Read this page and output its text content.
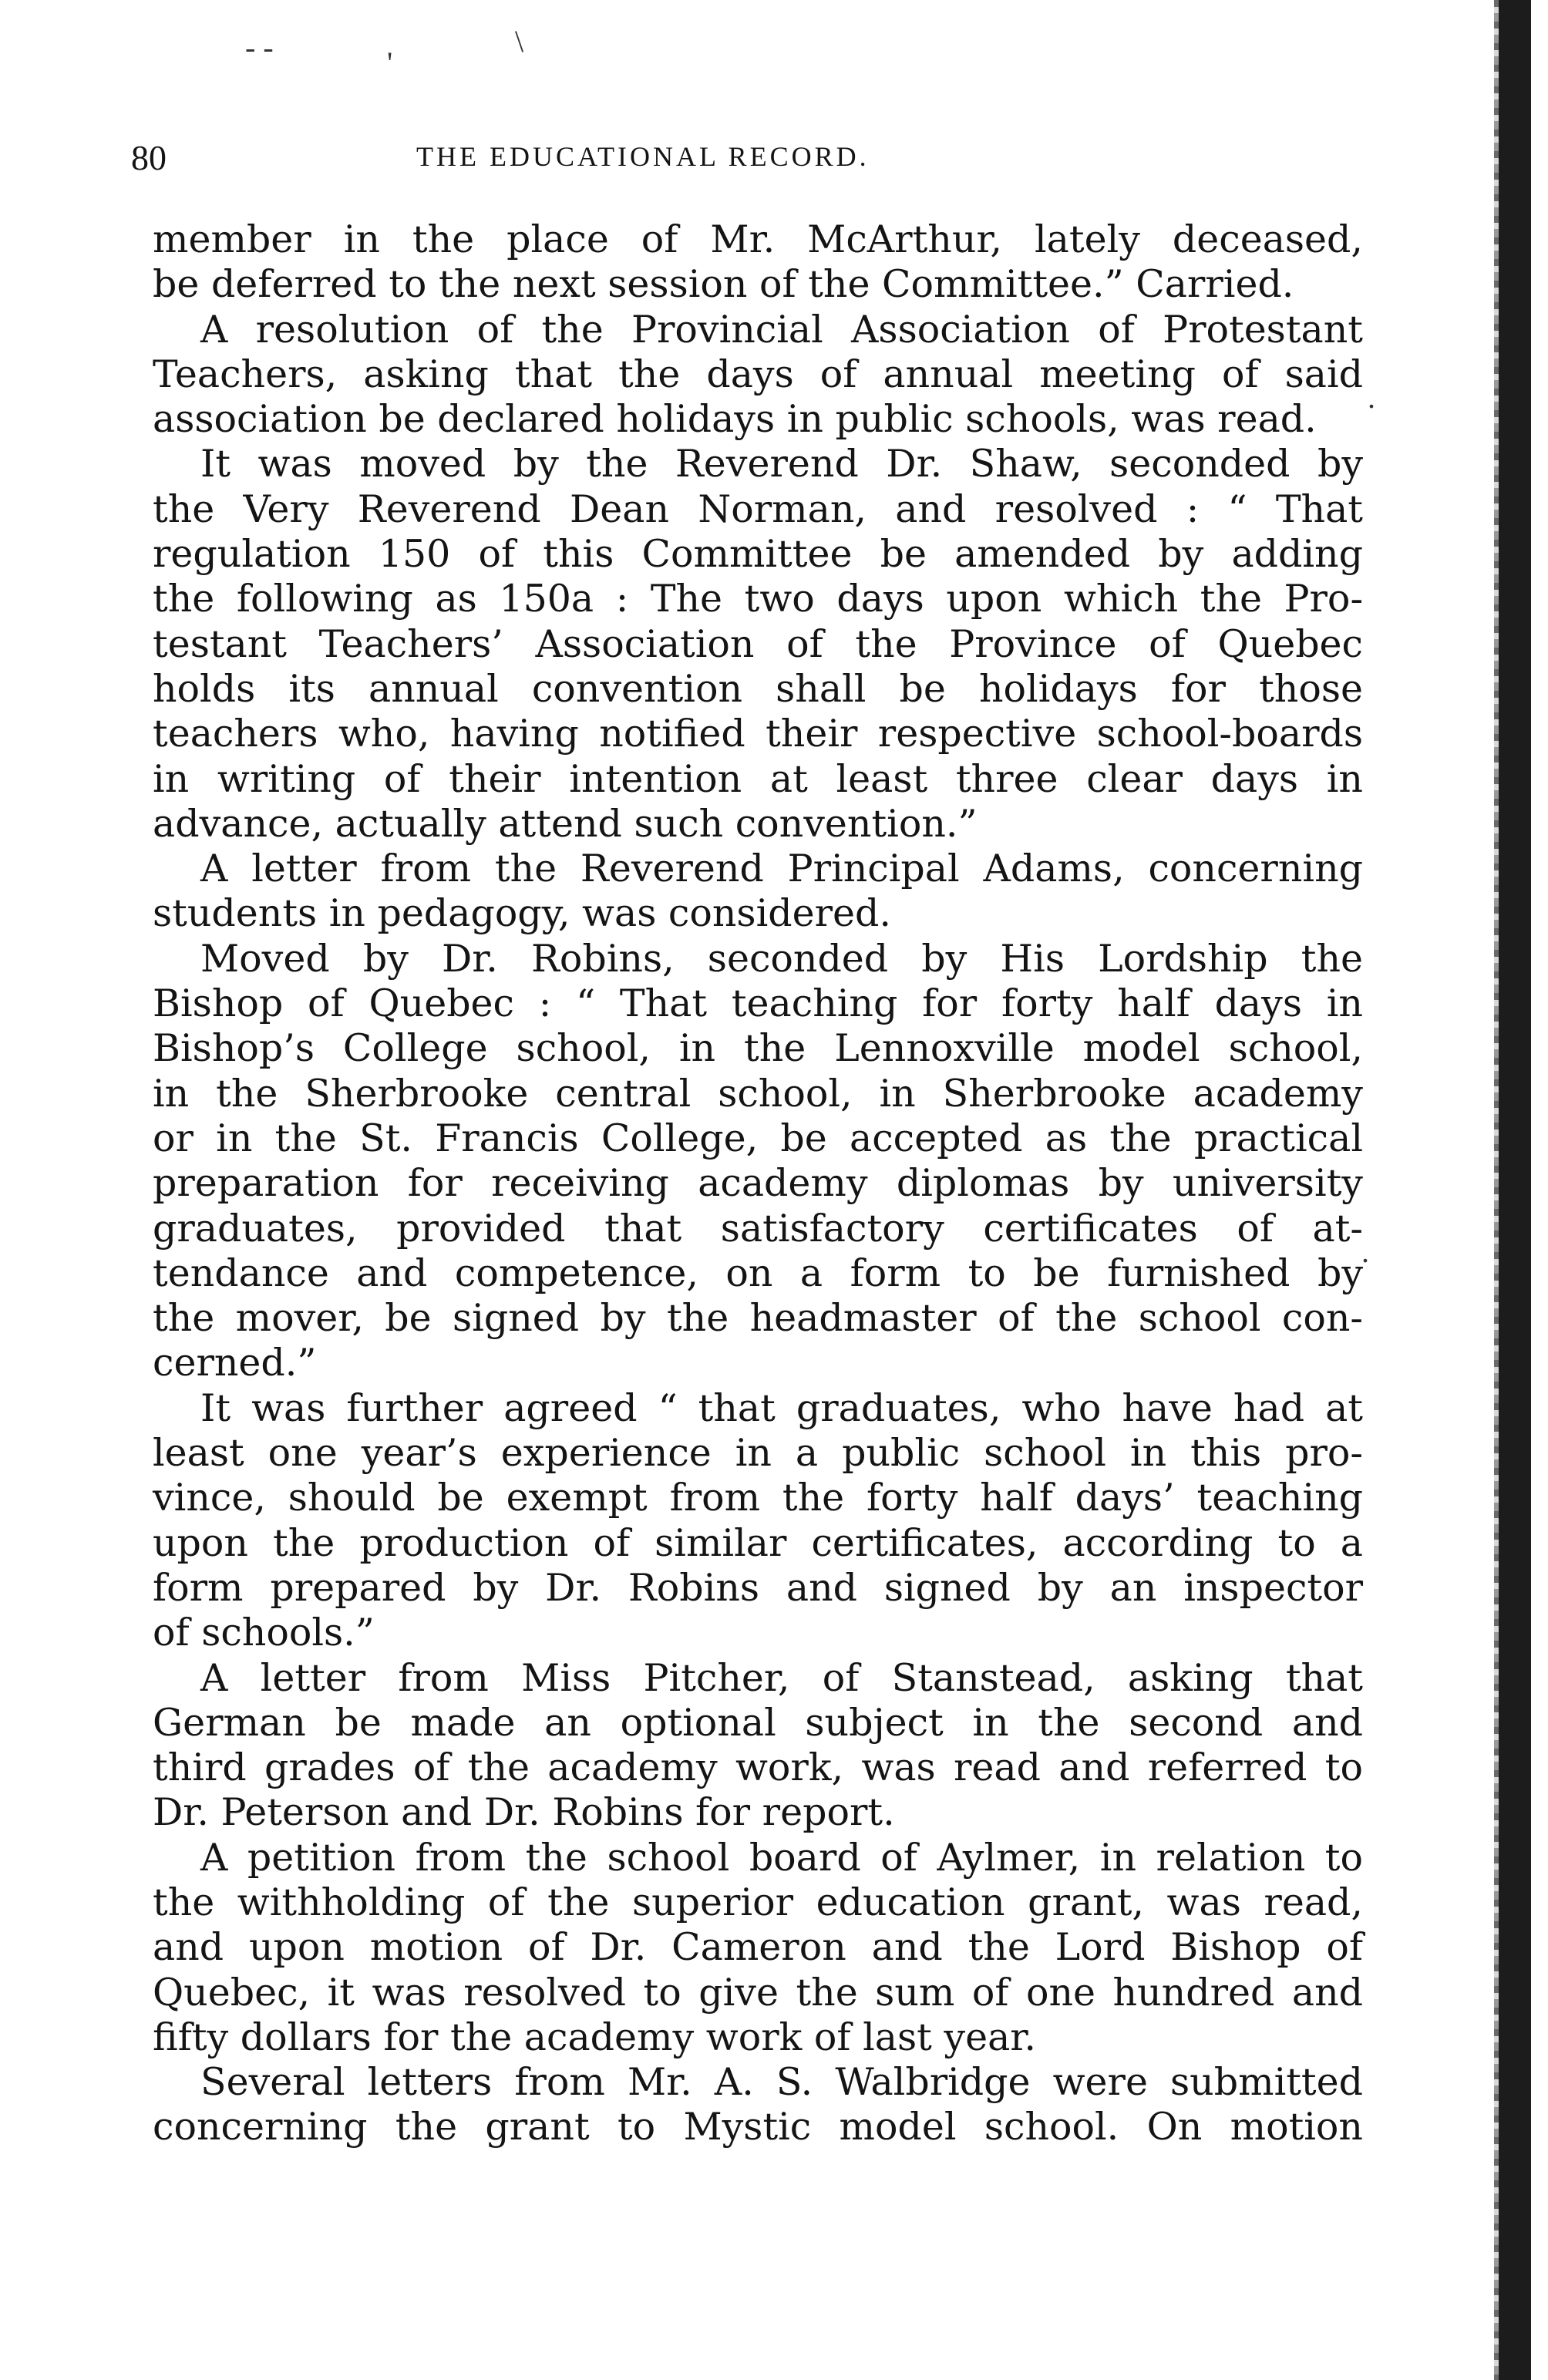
80	THE EDUCATIONAL RECORD.
- -	'
\
.
.
member in the place of Mr. McArthur, lately deceased,
be deferred to the next session of the Committee.” Carried.
A resolution of the Provincial Association of Protestant
Teachers, asking that the days of annual meeting of said
association be declared holidays in public schools, was read.
It was moved by the Reverend Dr. Shaw, seconded by
the Very Reverend Dean Norman, and resolved : “ That
regulation 150 of this Committee be amended by adding
the following as 150a : The two days upon which the Pro-
testant Teachers’ Association of the Province of Quebec
holds its annual convention shall be holidays for those
teachers who, having notified their respective school-boards
in writing of their intention at least three clear days in
advance, actually attend such convention.”
A letter from the Reverend Principal Adams, concerning
students in pedagogy, was considered.
Moved by Dr. Robins, seconded by His Lordship the
Bishop of Quebec : “ That teaching for forty half days in
Bishop’s College school, in the Lennoxville model school,
in the Sherbrooke central school, in Sherbrooke academy
or in the St. Francis College, be accepted as the practical
preparation for receiving academy diplomas by university
graduates, provided that satisfactory certificates of at-
tendance and competence, on a form to be furnished by
the mover, be signed by the headmaster of the school con-
cerned.”
It was further agreed “ that graduates, who have had at
least one year’s experience in a public school in this pro-
vince, should be exempt from the forty half days’ teaching
upon the production of similar certificates, according to a
form prepared by Dr. Robins and signed by an inspector
of schools.”
A letter from Miss Pitcher, of Stanstead, asking that
German be made an optional subject in the second and
third grades of the academy work, was read and referred to
Dr. Peterson and Dr. Robins for report.
A petition from the school board of Aylmer, in relation to
the withholding of the superior education grant, was read,
and upon motion of Dr. Cameron and the Lord Bishop of
Quebec, it was resolved to give the sum of one hundred and
fifty dollars for the academy work of last year.
Several letters from Mr. A. S. Walbridge were submitted
concerning the grant to Mystic model school. On motion
